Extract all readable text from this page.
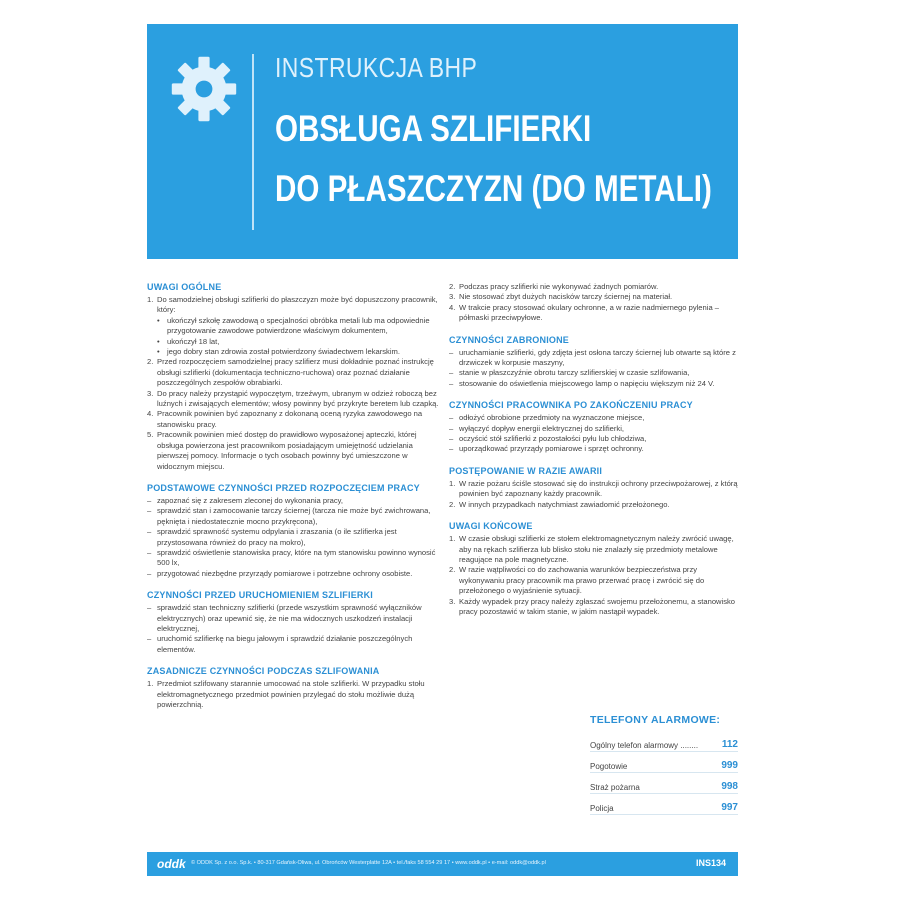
INSTRUKCJA BHP
OBSŁUGA SZLIFIERKI
DO PŁASZCZYZN (DO METALI)

UWAGI OGÓLNE

1. Do samodzielnej obsługi szlifierki do płaszczyzn może być dopuszczony pracownik, który:

• ukończył szkołę zawodową o specjalności obróbka metali lub ma odpowiednie przygotowanie zawodowe potwierdzone właściwym dokumentem,

• ukończył 18 lat,

• jego dobry stan zdrowia został potwierdzony świadectwem lekarskim.

2. Przed rozpoczęciem samodzielnej pracy szlifierz musi dokładnie poznać instrukcję obsługi szlifierki (dokumentacja techniczno-ruchowa) oraz poznać działanie poszczególnych zespołów obrabiarki.

3. Do pracy należy przystąpić wypoczętym, trzeźwym, ubranym w odzież roboczą bez luźnych i zwisających elementów; włosy powinny być przykryte beretem lub czapką.

4. Pracownik powinien być zapoznany z dokonaną oceną ryzyka zawodowego na stanowisku pracy.

5. Pracownik powinien mieć dostęp do prawidłowo wyposażonej apteczki, której obsługa powierzona jest pracownikom posiadającym umiejętność udzielania pierwszej pomocy. Informacje o tych osobach powinny być umieszczone w widocznym miejscu.

PODSTAWOWE CZYNNOŚCI PRZED ROZPOCZĘCIEM PRACY

– zapoznać się z zakresem zleconej do wykonania pracy,

– sprawdzić stan i zamocowanie tarczy ściernej (tarcza nie może być zwichrowana, pęknięta i niedostatecznie mocno przykręcona),

– sprawdzić sprawność systemu odpylania i zraszania (o ile szlifierka jest przystosowana również do pracy na mokro),

– sprawdzić oświetlenie stanowiska pracy, które na tym stanowisku powinno wynosić 500 lx,

– przygotować niezbędne przyrządy pomiarowe i potrzebne ochrony osobiste.

CZYNNOŚCI PRZED URUCHOMIENIEM SZLIFIERKI

– sprawdzić stan techniczny szlifierki (przede wszystkim sprawność wyłączników elektrycznych) oraz upewnić się, że nie ma widocznych uszkodzeń instalacji elektrycznej,

– uruchomić szlifierkę na biegu jałowym i sprawdzić działanie poszczególnych elementów.

ZASADNICZE CZYNNOŚCI PODCZAS SZLIFOWANIA

1. Przedmiot szlifowany starannie umocować na stole szlifierki. W przypadku stołu elektromagnetycznego przedmiot powinien przylegać do stołu możliwie dużą powierzchnią.

2. Podczas pracy szlifierki nie wykonywać żadnych pomiarów.

3. Nie stosować zbyt dużych nacisków tarczy ściernej na materiał.

4. W trakcie pracy stosować okulary ochronne, a w razie nadmiernego pylenia – półmaski przeciwpyłowe.

CZYNNOŚCI ZABRONIONE

– uruchamianie szlifierki, gdy zdjęta jest osłona tarczy ściernej lub otwarte są które z drzwiczek w korpusie maszyny,

– stanie w płaszczyźnie obrotu tarczy szlifierskiej w czasie szlifowania,

– stosowanie do oświetlenia miejscowego lamp o napięciu większym niż 24 V.

CZYNNOŚCI PRACOWNIKA PO ZAKOŃCZENIU PRACY

– odłożyć obrobione przedmioty na wyznaczone miejsce,

– wyłączyć dopływ energii elektrycznej do szlifierki,

– oczyścić stół szlifierki z pozostałości pyłu lub chłodziwa,

– uporządkować przyrządy pomiarowe i sprzęt ochronny.

POSTĘPOWANIE W RAZIE AWARII

1. W razie pożaru ściśle stosować się do instrukcji ochrony przeciwpożarowej, z którą powinien być zapoznany każdy pracownik.

2. W innych przypadkach natychmiast zawiadomić przełożonego.

UWAGI KOŃCOWE

1. W czasie obsługi szlifierki ze stołem elektromagnetycznym należy zwrócić uwagę, aby na rękach szlifierza lub blisko stołu nie znalazły się przedmioty metalowe reagujące na pole magnetyczne.

2. W razie wątpliwości co do zachowania warunków bezpieczeństwa przy wykonywaniu pracy pracownik ma prawo przerwać pracę i zwrócić się do przełożonego o wyjaśnienie sytuacji.

3. Każdy wypadek przy pracy należy zgłaszać swojemu przełożonemu, a stanowisko pracy pozostawić w takim stanie, w jakim nastąpił wypadek.

TELEFONY ALARMOWE:
Ogólny telefon alarmowy ........ 112
Pogotowie	999
Straż pożarna	998
Policja	997
oddk © ODDK Sp. z o.o. Sp.k. • 80-317 Gdańsk-Oliwa, ul. Obrońców Westerplatte 12A • tel./faks 58 554 29 17 • www.oddk.pl • e-mail: oddk@oddk.pl	INS134
